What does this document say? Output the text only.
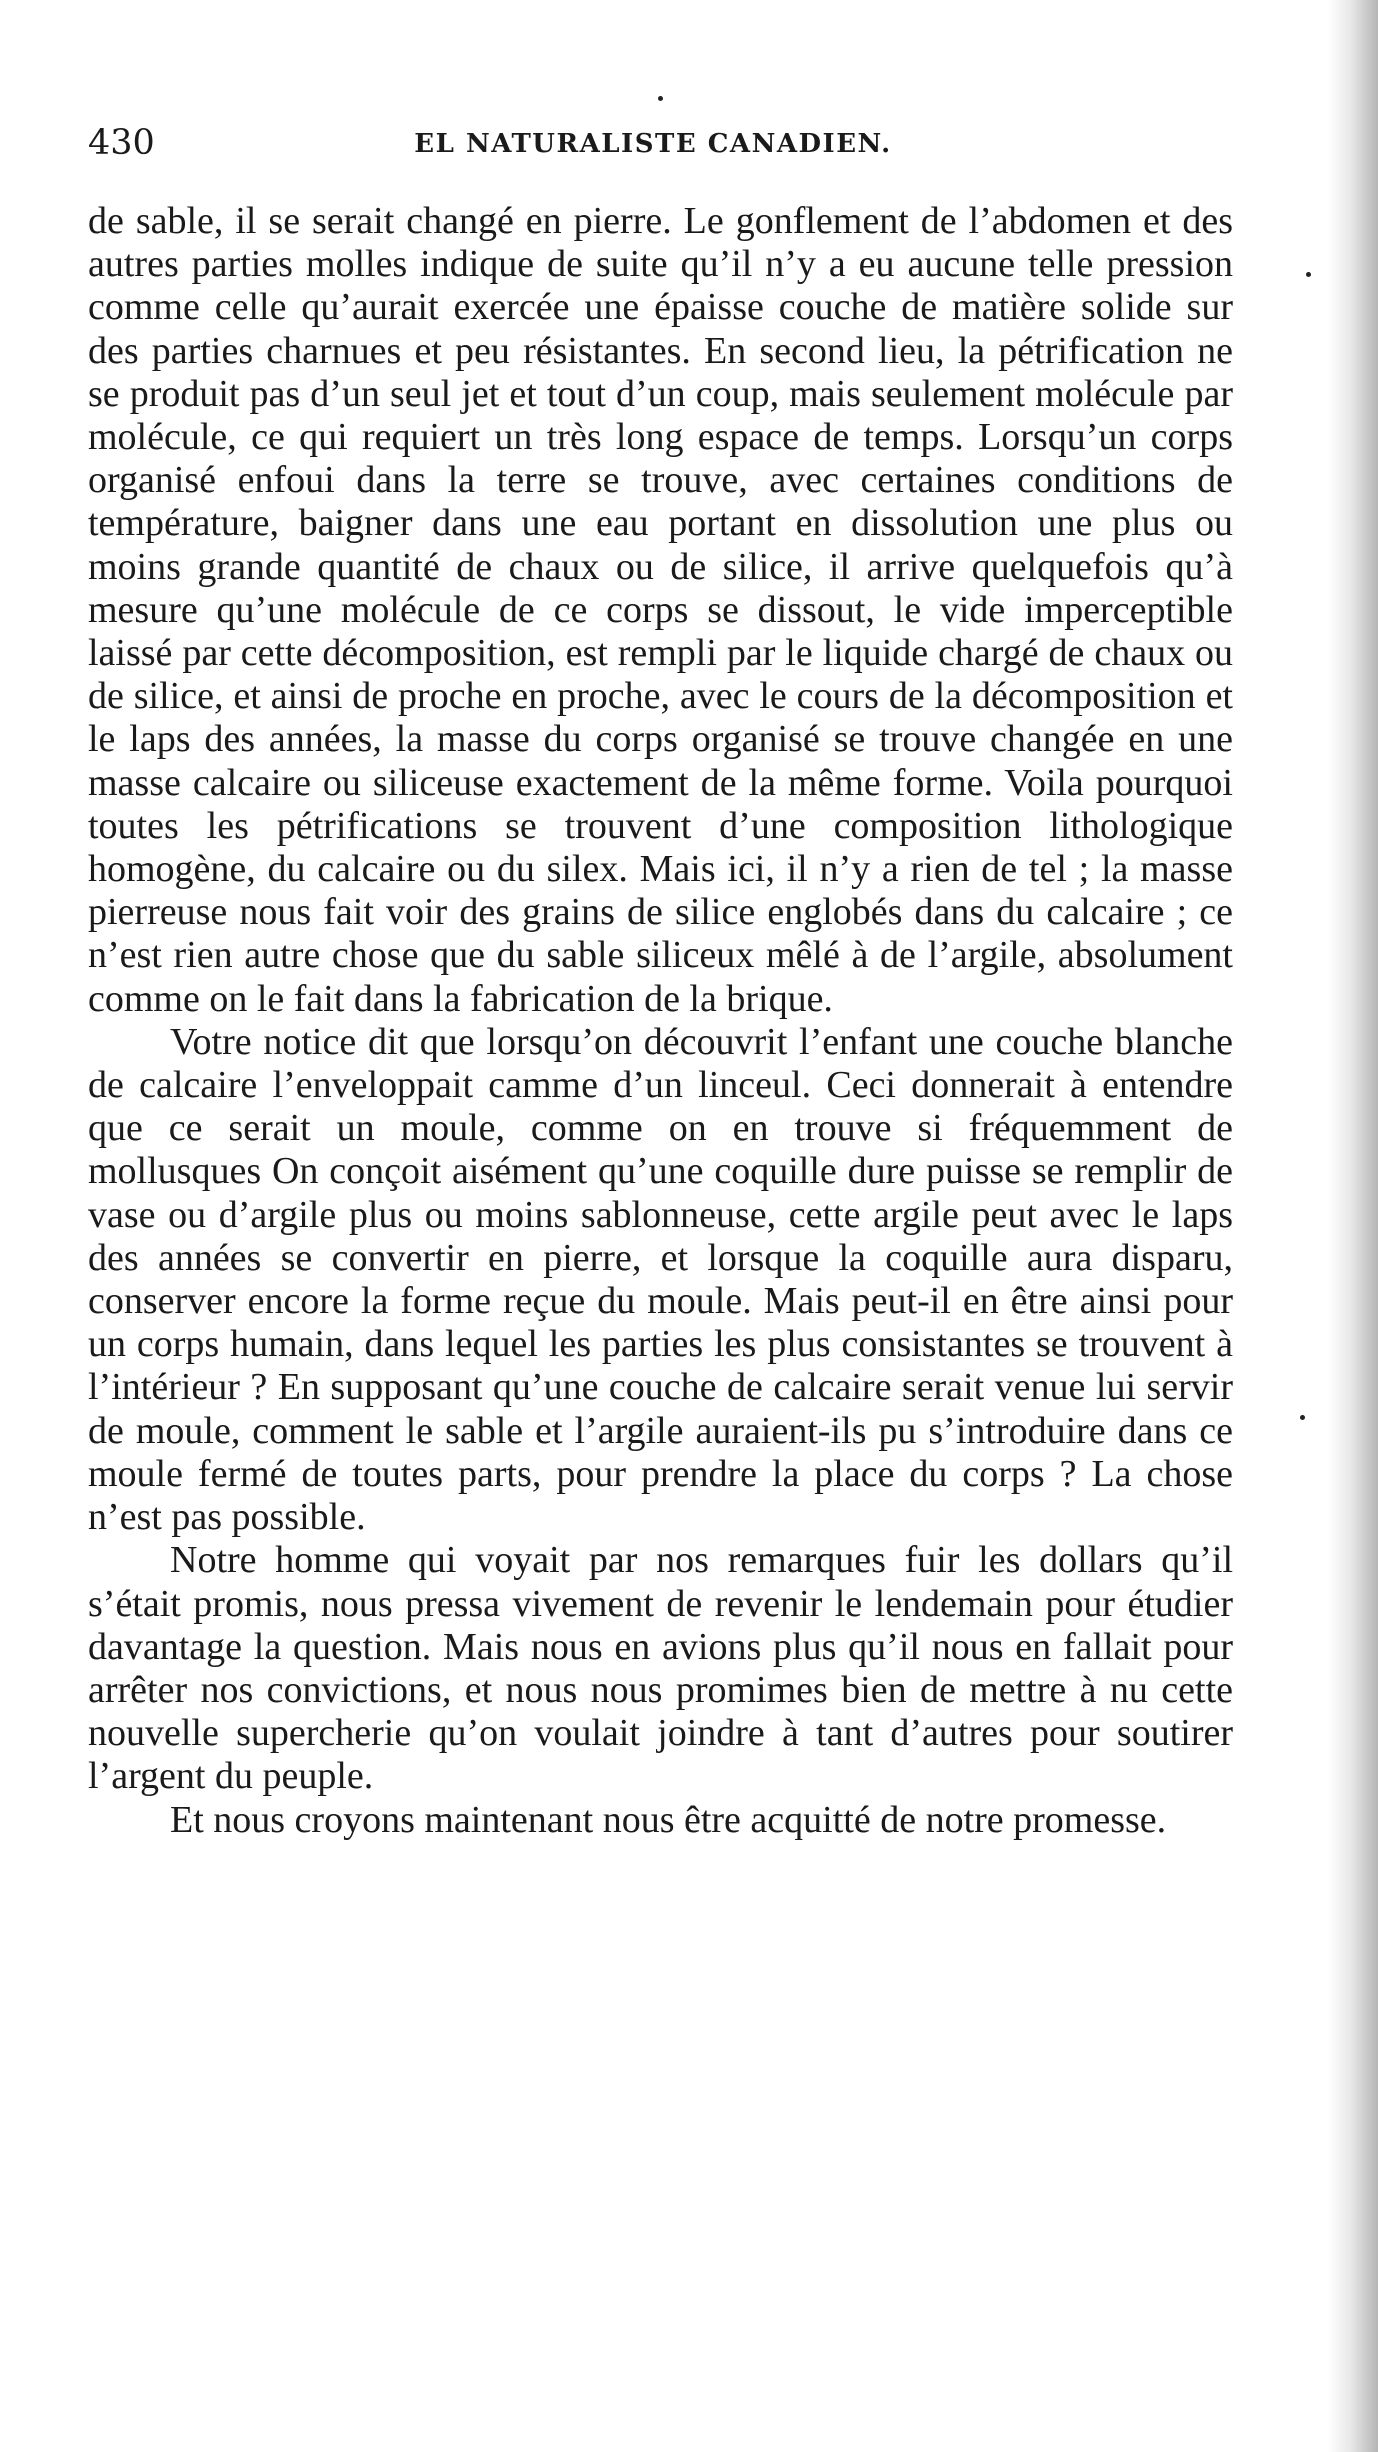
430	EL NATURALISTE CANADIEN.

de sable, il se serait changé en pierre. Le gonflement de l’abdomen et des autres parties molles indique de suite qu’il n’y a eu aucune telle pression comme celle qu’aurait exercée une épaisse couche de matière solide sur des parties charnues et peu résistantes. En second lieu, la pétrification ne se produit pas d’un seul jet et tout d’un coup, mais seulement molécule par molécule, ce qui requiert un très long espace de temps. Lorsqu’un corps organisé enfoui dans la terre se trouve, avec certaines conditions de température, baigner dans une eau portant en dissolution une plus ou moins grande quantité de chaux ou de silice, il arrive quelquefois qu’à mesure qu’une molécule de ce corps se dissout, le vide imperceptible laissé par cette décomposition, est rempli par le liquide chargé de chaux ou de silice, et ainsi de proche en proche, avec le cours de la décomposition et le laps des années, la masse du corps organisé se trouve changée en une masse calcaire ou siliceuse exactement de la même forme. Voila pourquoi toutes les pétrifications se trouvent d’une composition lithologique homogène, du calcaire ou du silex. Mais ici, il n’y a rien de tel ; la masse pierreuse nous fait voir des grains de silice englobés dans du calcaire ; ce n’est rien autre chose que du sable siliceux mêlé à de l’argile, absolument comme on le fait dans la fabrication de la brique.

Votre notice dit que lorsqu’on découvrit l’enfant une couche blanche de calcaire l’enveloppait camme d’un linceul. Ceci donnerait à entendre que ce serait un moule, comme on en trouve si fréquemment de mollusques On conçoit aisément qu’une coquille dure puisse se remplir de vase ou d’argile plus ou moins sablonneuse, cette argile peut avec le laps des années se convertir en pierre, et lorsque la coquille aura disparu, conserver encore la forme reçue du moule. Mais peut-il en être ainsi pour un corps humain, dans lequel les parties les plus consistantes se trouvent à l’intérieur ? En supposant qu’une couche de calcaire serait venue lui servir de moule, comment le sable et l’argile auraient-ils pu s’introduire dans ce moule fermé de toutes parts, pour prendre la place du corps ? La chose n’est pas possible.

Notre homme qui voyait par nos remarques fuir les dollars qu’il s’était promis, nous pressa vivement de revenir le lendemain pour étudier davantage la question. Mais nous en avions plus qu’il nous en fallait pour arrêter nos convictions, et nous nous promimes bien de mettre à nu cette nouvelle supercherie qu’on voulait joindre à tant d’autres pour soutirer l’argent du peuple.

Et nous croyons maintenant nous être acquitté de notre promesse.
